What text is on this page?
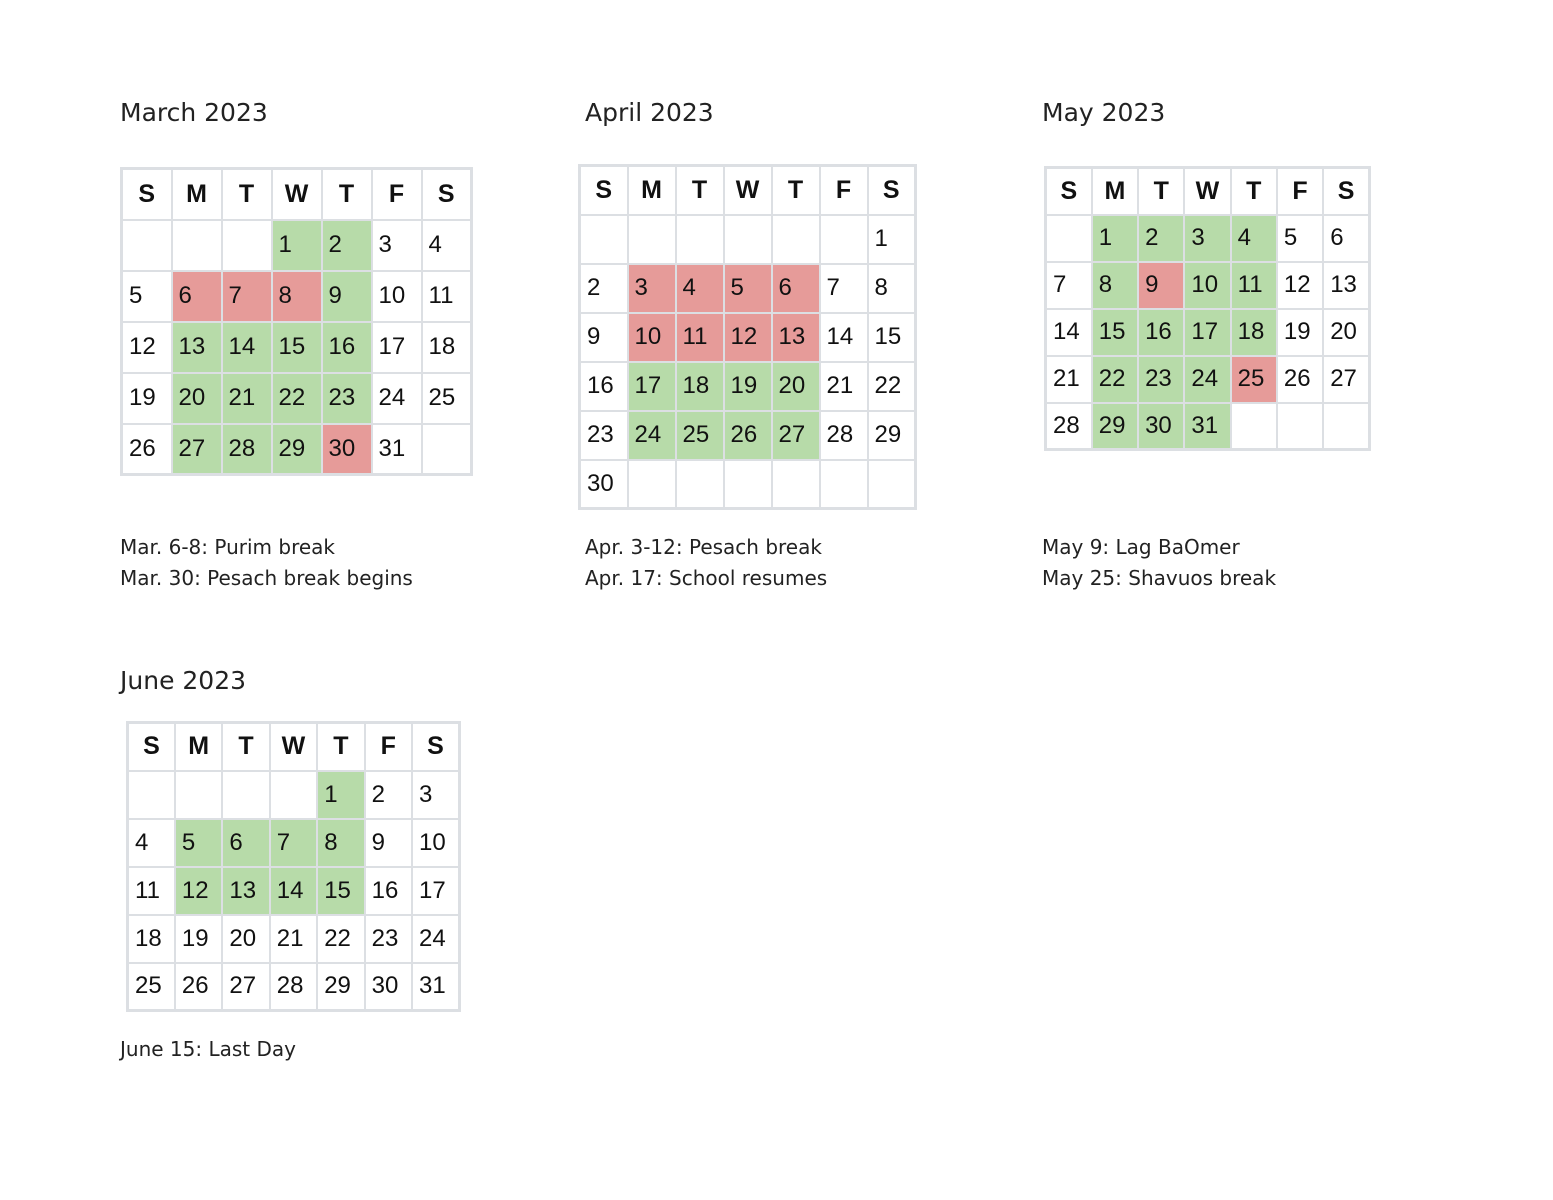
March 2023
S	M	T	W	T	F	S
			1	2	3	4
5	6	7	8	9	10	11
12	13	14	15	16	17	18
19	20	21	22	23	24	25
26	27	28	29	30	31	
Mar. 6-8: Purim break
Mar. 30: Pesach break begins
April 2023
S	M	T	W	T	F	S
						1
2	3	4	5	6	7	8
9	10	11	12	13	14	15
16	17	18	19	20	21	22
23	24	25	26	27	28	29
30						
Apr. 3-12: Pesach break
Apr. 17: School resumes
May 2023
S	M	T	W	T	F	S
	1	2	3	4	5	6
7	8	9	10	11	12	13
14	15	16	17	18	19	20
21	22	23	24	25	26	27
28	29	30	31			
May 9: Lag BaOmer
May 25: Shavuos break
June 2023
S	M	T	W	T	F	S
				1	2	3
4	5	6	7	8	9	10
11	12	13	14	15	16	17
18	19	20	21	22	23	24
25	26	27	28	29	30	31
June 15: Last Day
